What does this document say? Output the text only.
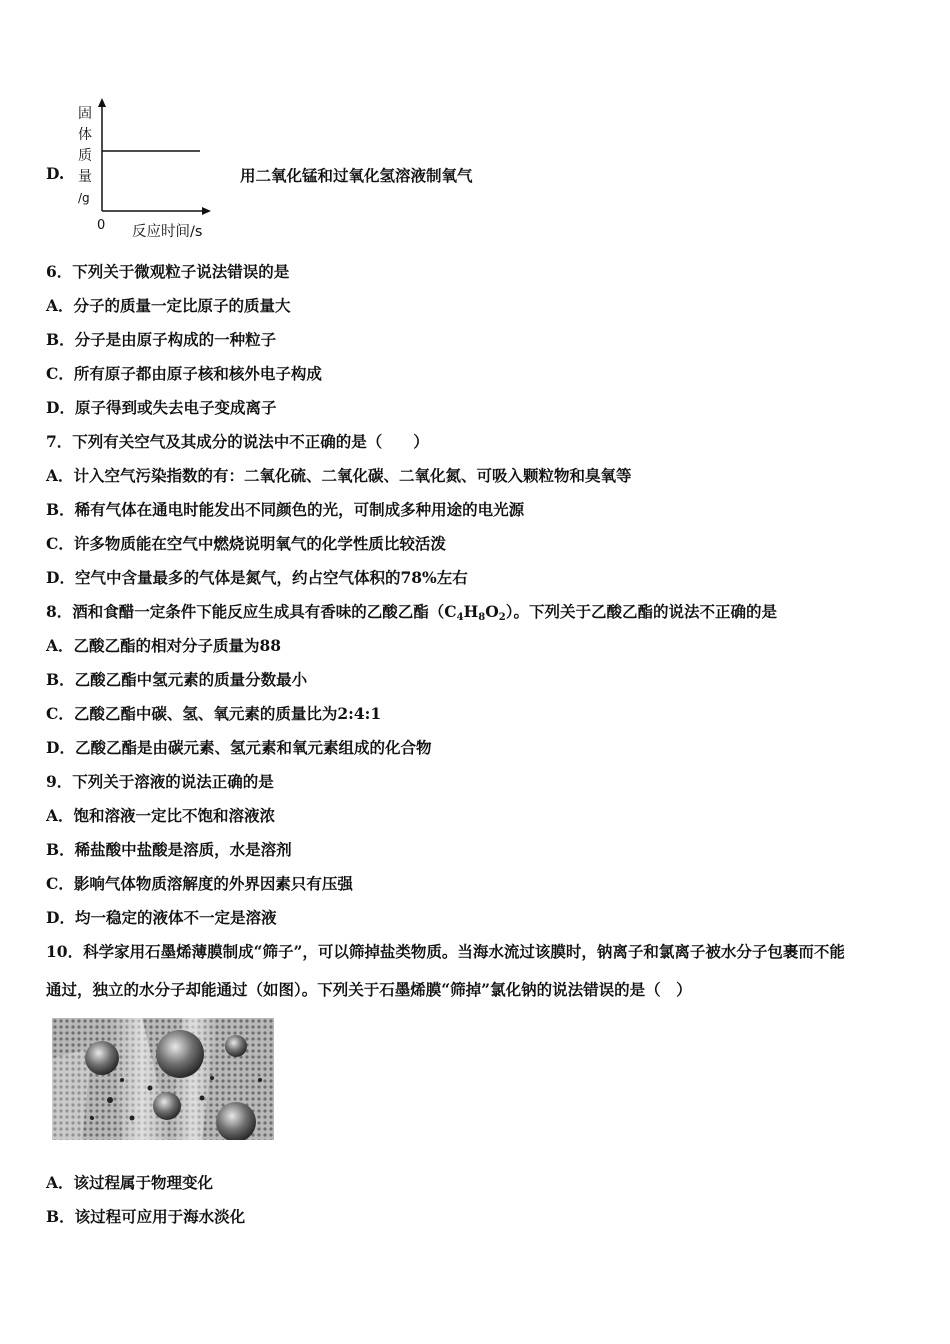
D.
固
体
质
量
/g
0 反应时间/s
用二氧化锰和过氧化氢溶液制氧气
6．下列关于微观粒子说法错误的是
A．分子的质量一定比原子的质量大
B．分子是由原子构成的一种粒子
C．所有原子都由原子核和核外电子构成
D．原子得到或失去电子变成离子
7．下列有关空气及其成分的说法中不正确的是（　　）
A．计入空气污染指数的有：二氧化硫、二氧化碳、二氧化氮、可吸入颗粒物和臭氧等
B．稀有气体在通电时能发出不同颜色的光，可制成多种用途的电光源
C．许多物质能在空气中燃烧说明氧气的化学性质比较活泼
D．空气中含量最多的气体是氮气，约占空气体积的78%左右
8．酒和食醋一定条件下能反应生成具有香味的乙酸乙酯$(C_4H_8O_2)$。下列关于乙酸乙酯的说法不正确的是
A．乙酸乙酯的相对分子质量为88
B．乙酸乙酯中氢元素的质量分数最小
C．乙酸乙酯中碳、氢、氧元素的质量比为2:4:1
D．乙酸乙酯是由碳元素、氢元素和氧元素组成的化合物
9．下列关于溶液的说法正确的是
A．饱和溶液一定比不饱和溶液浓
B．稀盐酸中盐酸是溶质，水是溶剂
C．影响气体物质溶解度的外界因素只有压强
D．均一稳定的液体不一定是溶液
10．科学家用石墨烯薄膜制成“筛子”，可以筛掉盐类物质。当海水流过该膜时，钠离子和氯离子被水分子包裹而不能
通过，独立的水分子却能通过（如图）。下列关于石墨烯膜“筛掉”氯化钠的说法错误的是（　）
A．该过程属于物理变化
B．该过程可应用于海水淡化
